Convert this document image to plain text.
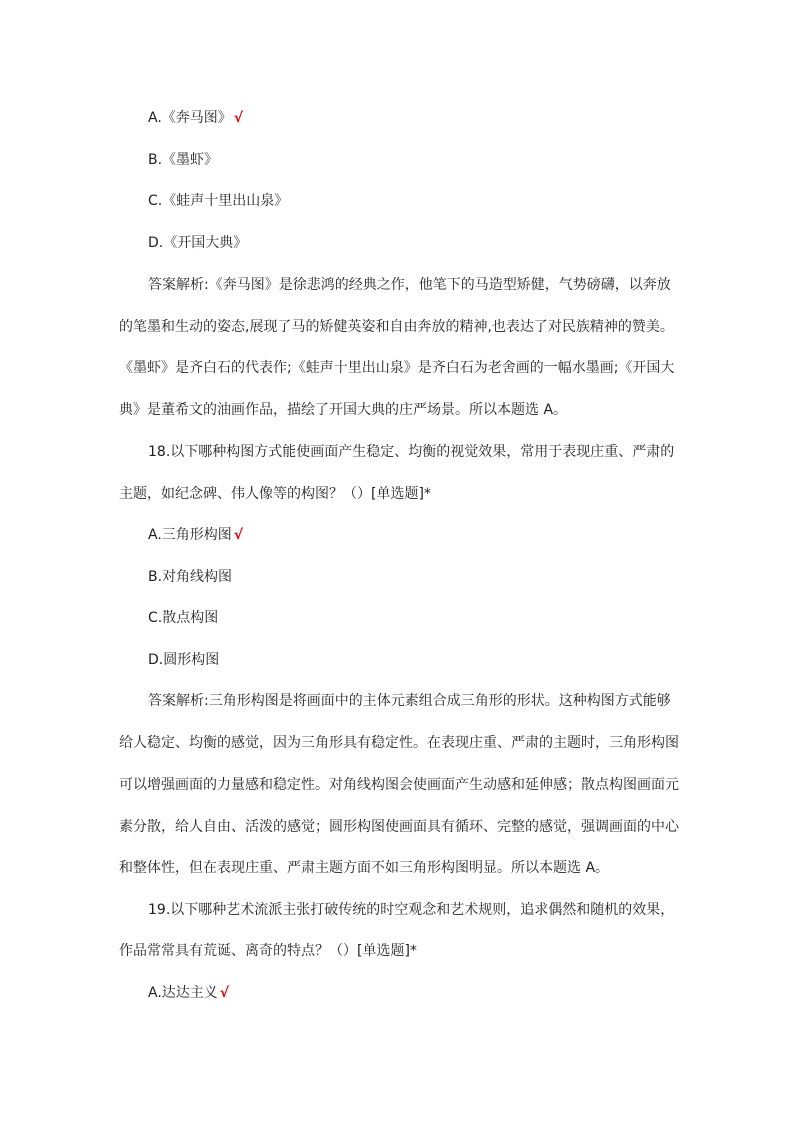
A.《奔马图》 √
B.《墨虾》
C.《蛙声十里出山泉》
D.《开国大典》
答案解析:《奔马图》是徐悲鸿的经典之作，他笔下的马造型矫健，气势磅礴，以奔放
的笔墨和生动的姿态,展现了马的矫健英姿和自由奔放的精神,也表达了对民族精神的赞美。
《墨虾》是齐白石的代表作;《蛙声十里出山泉》是齐白石为老舍画的一幅水墨画;《开国大
典》是董希文的油画作品，描绘了开国大典的庄严场景。所以本题选 A。
18.以下哪种构图方式能使画面产生稳定、均衡的视觉效果，常用于表现庄重、严肃的
主题，如纪念碑、伟人像等的构图？（）[单选题]*
A.三角形构图 √
B.对角线构图
C.散点构图
D.圆形构图
答案解析:三角形构图是将画面中的主体元素组合成三角形的形状。这种构图方式能够
给人稳定、均衡的感觉，因为三角形具有稳定性。在表现庄重、严肃的主题时，三角形构图
可以增强画面的力量感和稳定性。对角线构图会使画面产生动感和延伸感；散点构图画面元
素分散，给人自由、活泼的感觉；圆形构图使画面具有循环、完整的感觉，强调画面的中心
和整体性，但在表现庄重、严肃主题方面不如三角形构图明显。所以本题选 A。
19.以下哪种艺术流派主张打破传统的时空观念和艺术规则，追求偶然和随机的效果，
作品常常具有荒诞、离奇的特点？（）[单选题]*
A.达达主义 √
